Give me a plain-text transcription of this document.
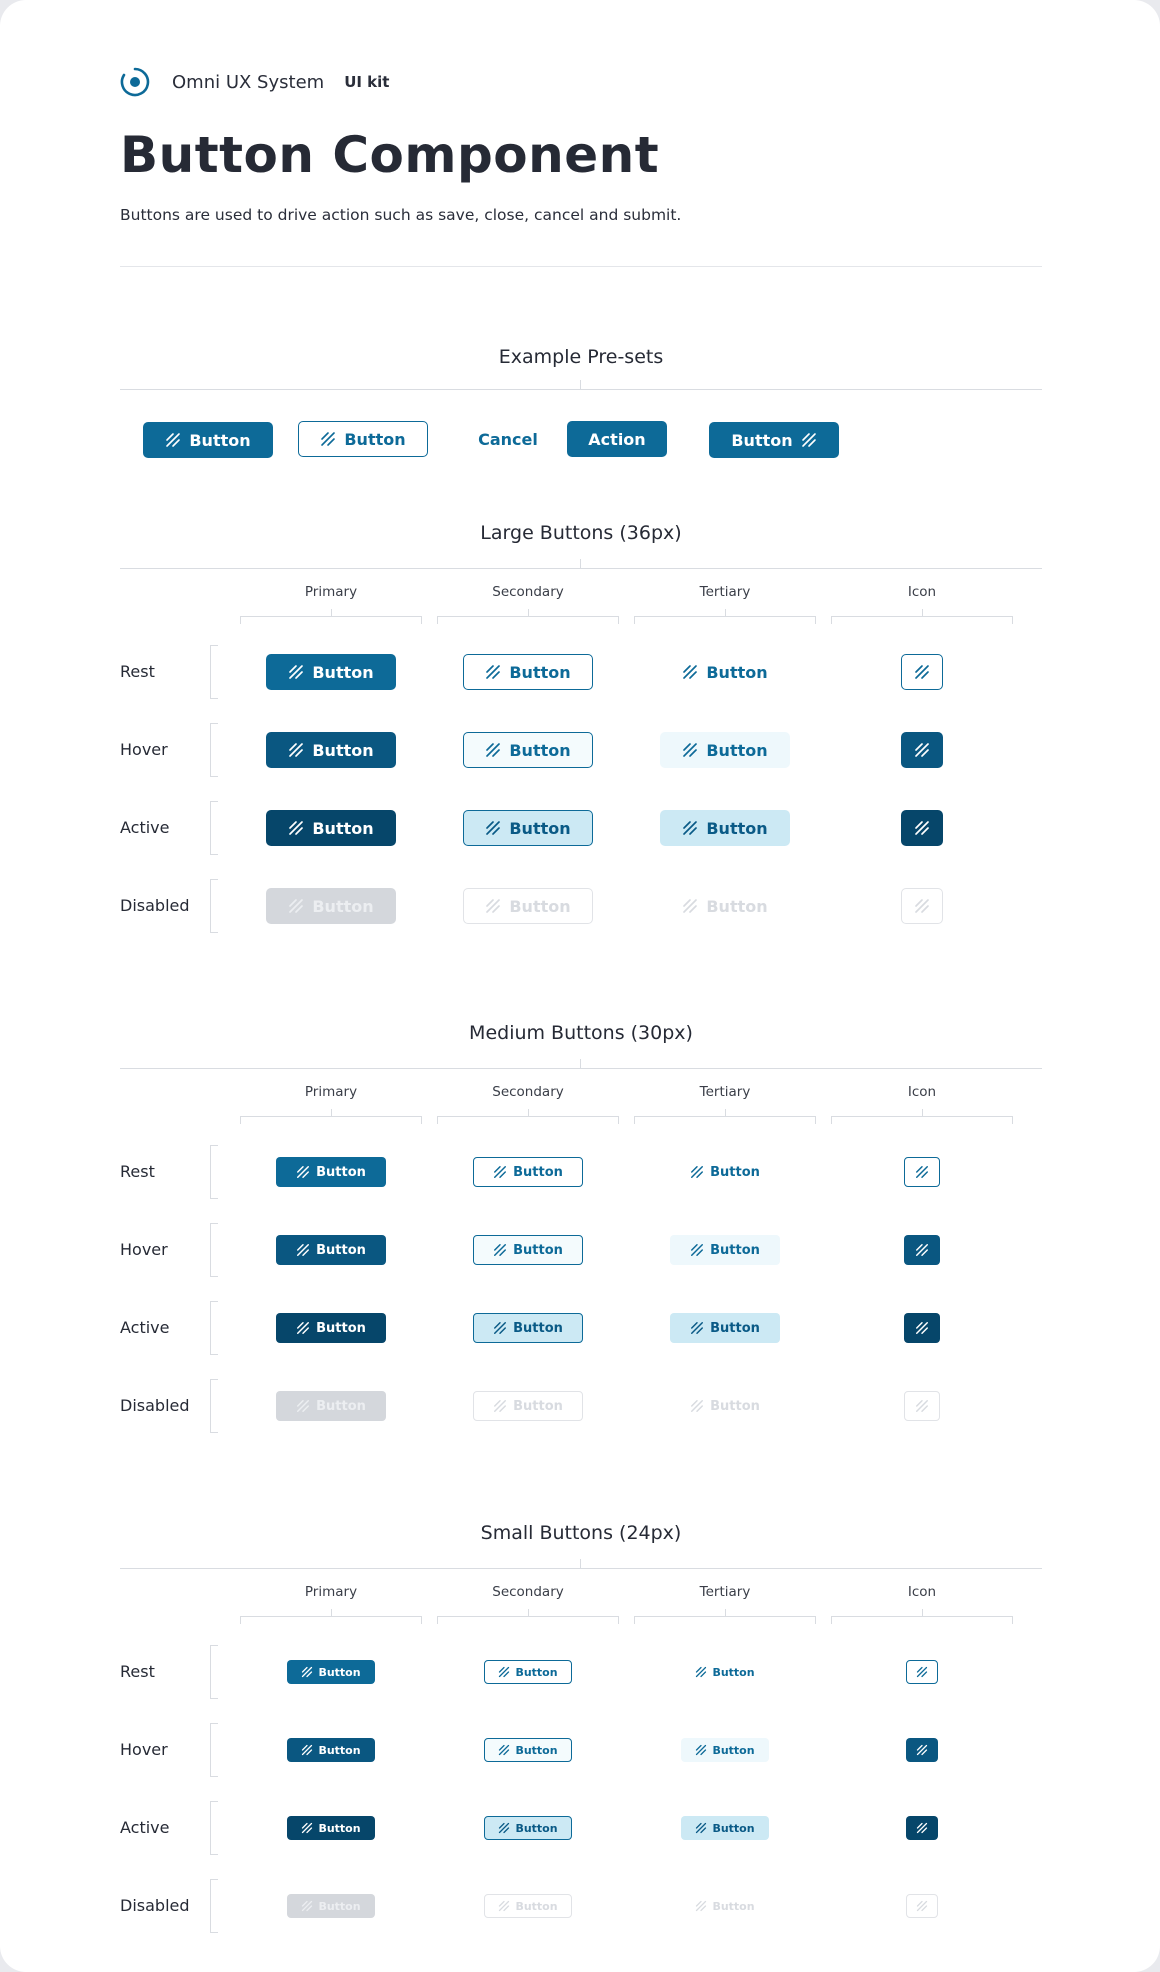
Omni UX System UI kit
Button Component
Buttons are used to drive action such as save, close, cancel and submit.
Example Pre-sets
Button	Button	Cancel	Action	Button
Large Buttons (36px)
Primary	Secondary	Tertiary	Icon
Rest	Button	Button	Button
Hover	Button	Button	Button
Active	Button	Button	Button
Disabled	Button	Button	Button
Medium Buttons (30px)
Primary	Secondary	Tertiary	Icon
Rest	Button	Button	Button
Hover	Button	Button	Button
Active	Button	Button	Button
Disabled	Button	Button	Button
Small Buttons (24px)
Primary	Secondary	Tertiary	Icon
Rest	Button	Button	Button
Hover	Button	Button	Button
Active	Button	Button	Button
Disabled	Button	Button	Button
